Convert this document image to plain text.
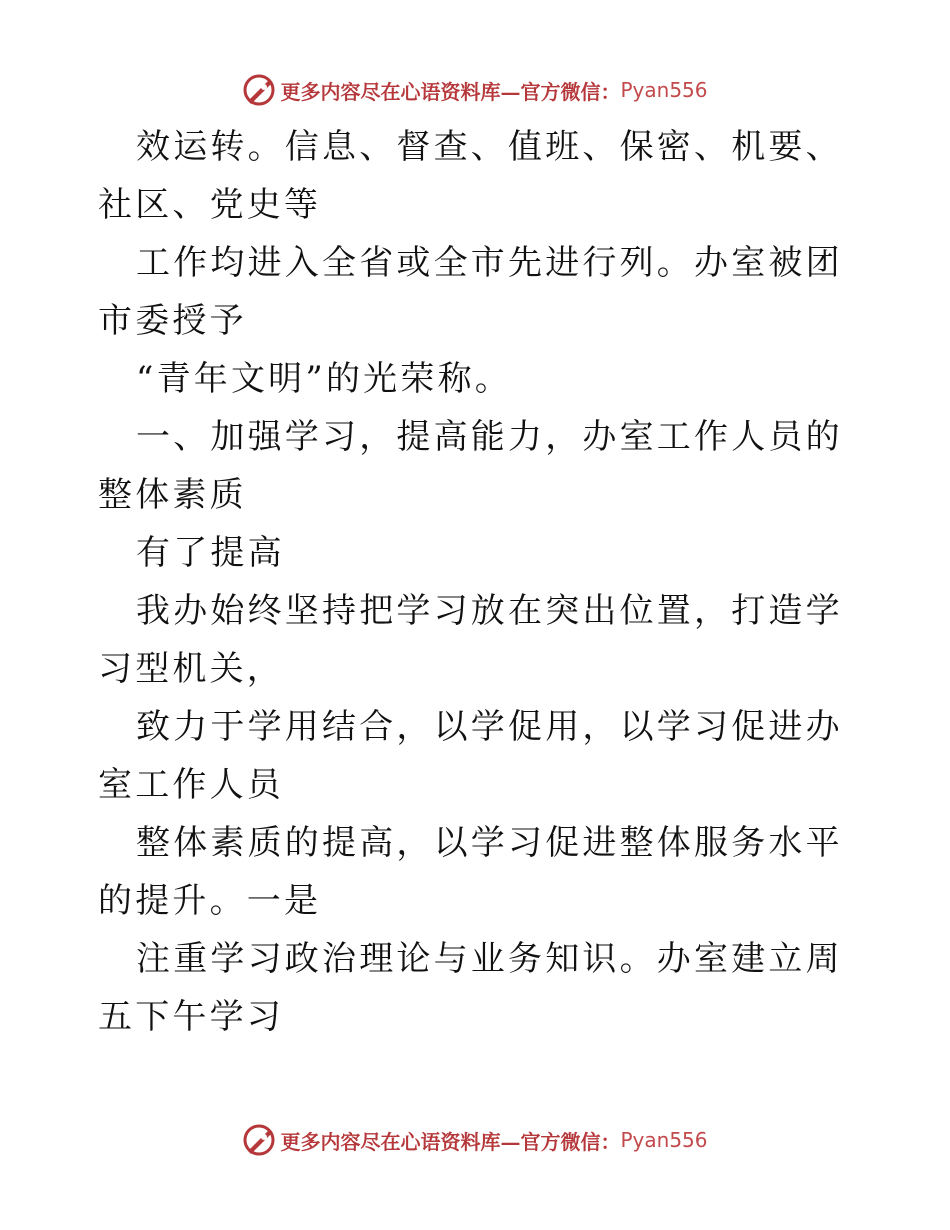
更多内容尽在心语资料库—官方微信： Pyan556

效运转。信息、督查、值班、保密、机要、社区、党史等

工作均进入全省或全市先进行列。办室被团市委授予

“青年文明”的光荣称。

一、加强学习，提高能力，办室工作人员的整体素质

有了提高

我办始终坚持把学习放在突出位置，打造学习型机关，

致力于学用结合，以学促用，以学习促进办室工作人员

整体素质的提高，以学习促进整体服务水平的提升。一是

注重学习政治理论与业务知识。办室建立周五下午学习

更多内容尽在心语资料库—官方微信： Pyan556
